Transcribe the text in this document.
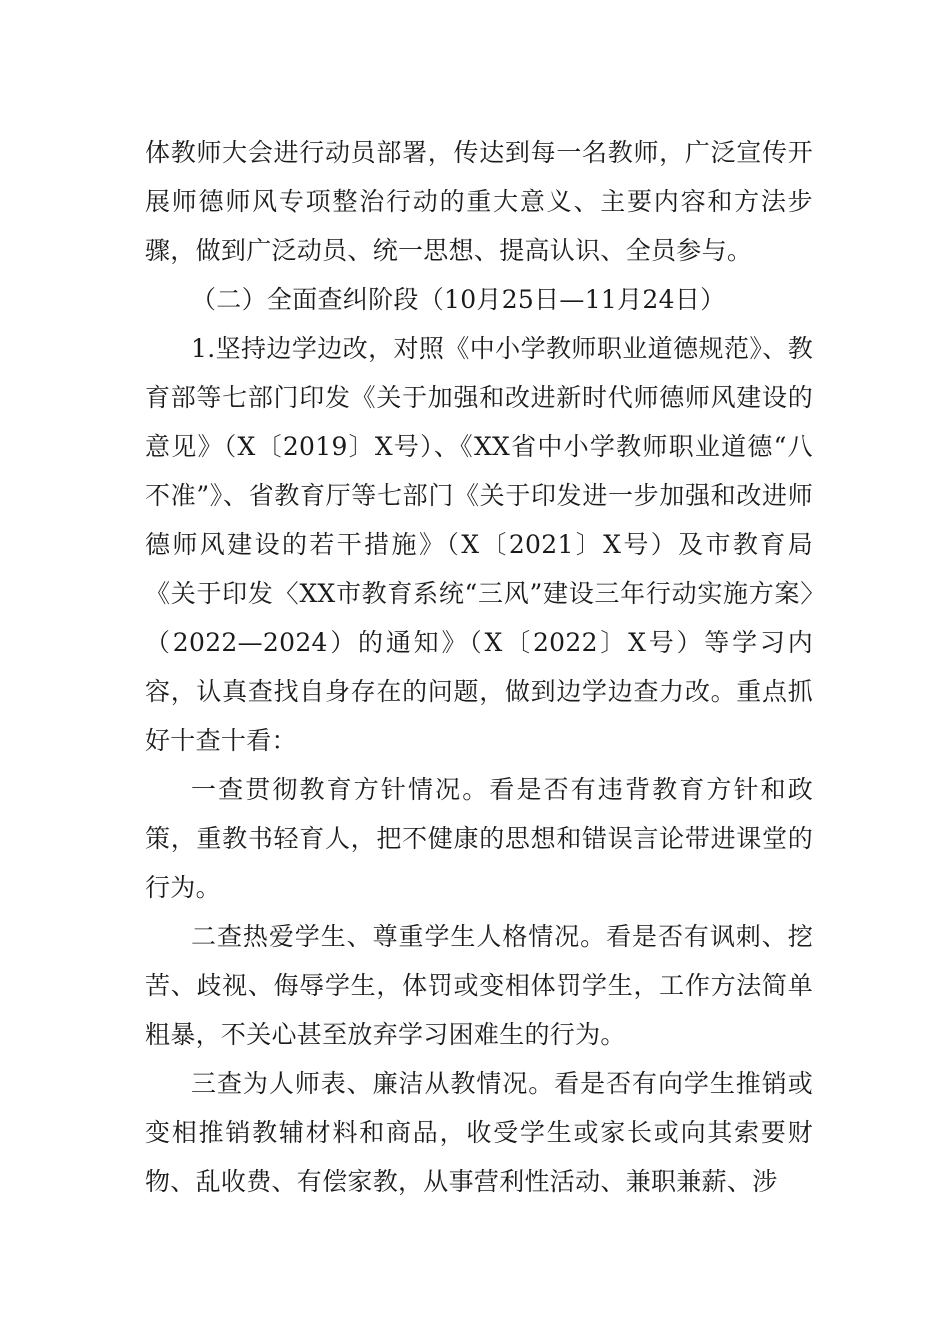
体教师大会进行动员部署，传达到每一名教师，广泛宣传开展师德师风专项整治行动的重大意义、主要内容和方法步骤，做到广泛动员、统一思想、提高认识、全员参与。

（二）全面查纠阶段（10月25日—11月24日）

1.坚持边学边改，对照《中小学教师职业道德规范》、教育部等七部门印发《关于加强和改进新时代师德师风建设的意见》（X〔2019〕X号）、《XX省中小学教师职业道德“八不准”》、省教育厅等七部门《关于印发进一步加强和改进师德师风建设的若干措施》（X〔2021〕X号）及市教育局《关于印发〈XX市教育系统“三风”建设三年行动实施方案〉（2022—2024）的通知》（X〔2022〕X号）等学习内容，认真查找自身存在的问题，做到边学边查力改。重点抓好十查十看：

一查贯彻教育方针情况。看是否有违背教育方针和政策，重教书轻育人，把不健康的思想和错误言论带进课堂的行为。

二查热爱学生、尊重学生人格情况。看是否有讽刺、挖苦、歧视、侮辱学生，体罚或变相体罚学生，工作方法简单粗暴，不关心甚至放弃学习困难生的行为。

三查为人师表、廉洁从教情况。看是否有向学生推销或变相推销教辅材料和商品，收受学生或家长或向其索要财物、乱收费、有偿家教，从事营利性活动、兼职兼薪、涉
